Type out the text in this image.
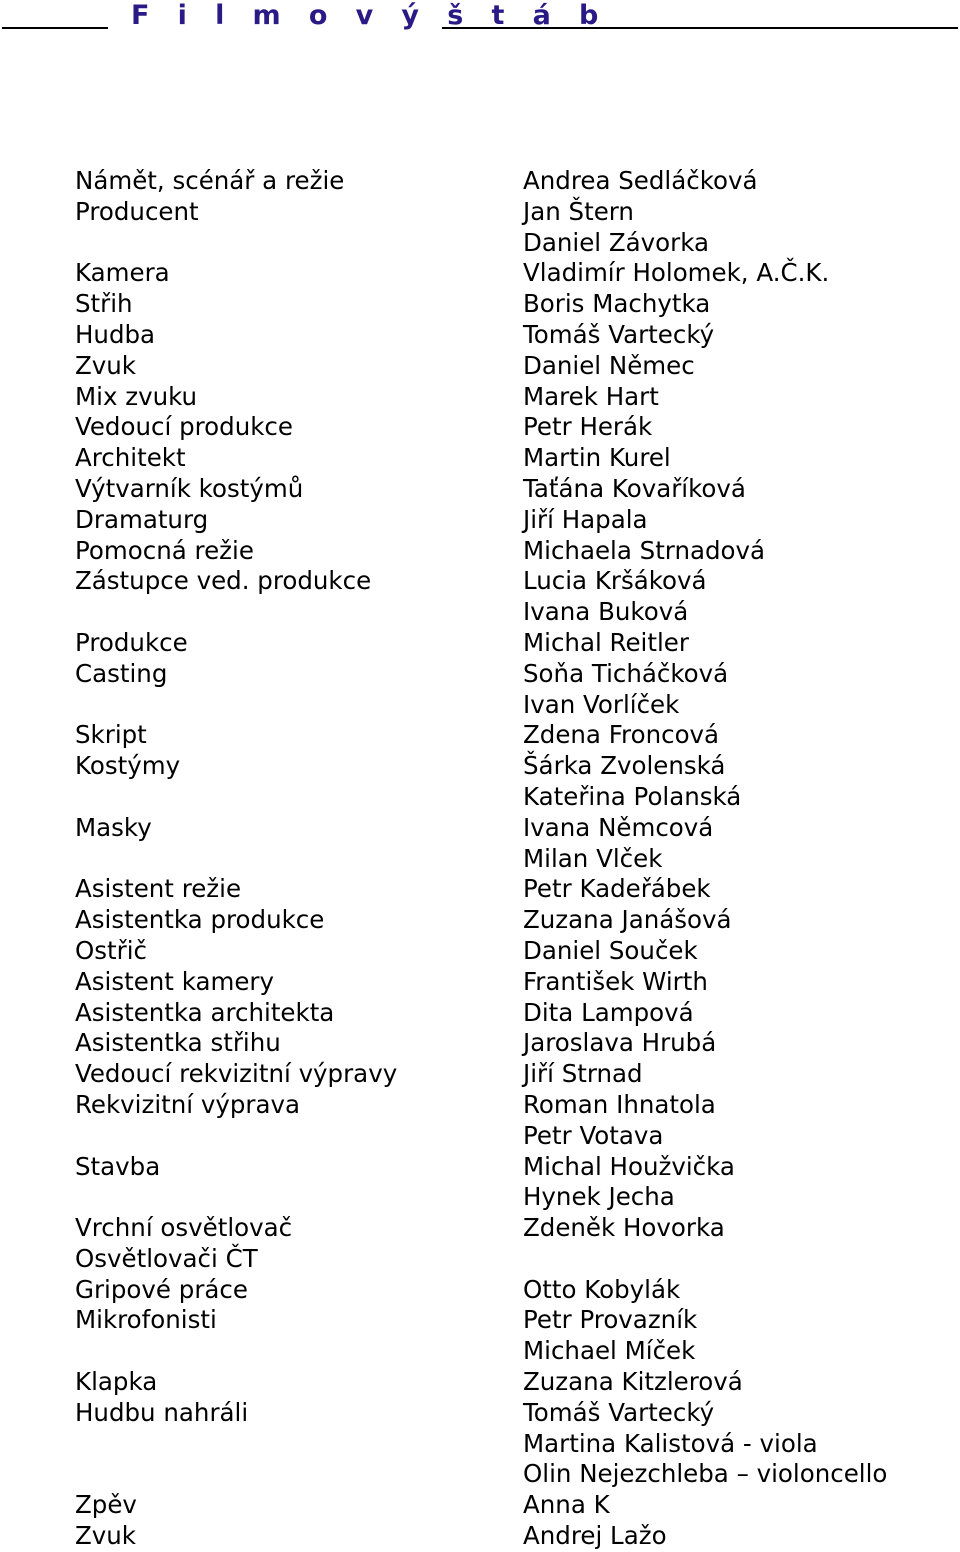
F i l m o v ý š t á b
Námět, scénář a režie
Producent
Kamera
Střih
Hudba
Zvuk
Mix zvuku
Vedoucí produkce
Architekt
Výtvarník kostýmů
Dramaturg
Pomocná režie
Zástupce ved. produkce
Produkce
Casting
Skript
Kostýmy
Masky
Asistent režie
Asistentka produkce
Ostřič
Asistent kamery
Asistentka architekta
Asistentka střihu
Vedoucí rekvizitní výpravy
Rekvizitní výprava
Stavba
Vrchní osvětlovač
Osvětlovači ČT
Gripové práce
Mikrofonisti
Klapka
Hudbu nahráli
Zpěv
Zvuk
Andrea Sedláčková
Jan Štern
Daniel Závorka
Vladimír Holomek, A.Č.K.
Boris Machytka
Tomáš Vartecký
Daniel Němec
Marek Hart
Petr Herák
Martin Kurel
Taťána Kovaříková
Jiří Hapala
Michaela Strnadová
Lucia Kršáková
Ivana Buková
Michal Reitler
Soňa Ticháčková
Ivan Vorlíček
Zdena Froncová
Šárka Zvolenská
Kateřina Polanská
Ivana Němcová
Milan Vlček
Petr Kadeřábek
Zuzana Janášová
Daniel Souček
František Wirth
Dita Lampová
Jaroslava Hrubá
Jiří Strnad
Roman Ihnatola
Petr Votava
Michal Houžvička
Hynek Jecha
Zdeněk Hovorka
Otto Kobylák
Petr Provazník
Michael Míček
Zuzana Kitzlerová
Tomáš Vartecký
Martina Kalistová - viola
Olin Nejezchleba – violoncello
Anna K
Andrej Lažo
